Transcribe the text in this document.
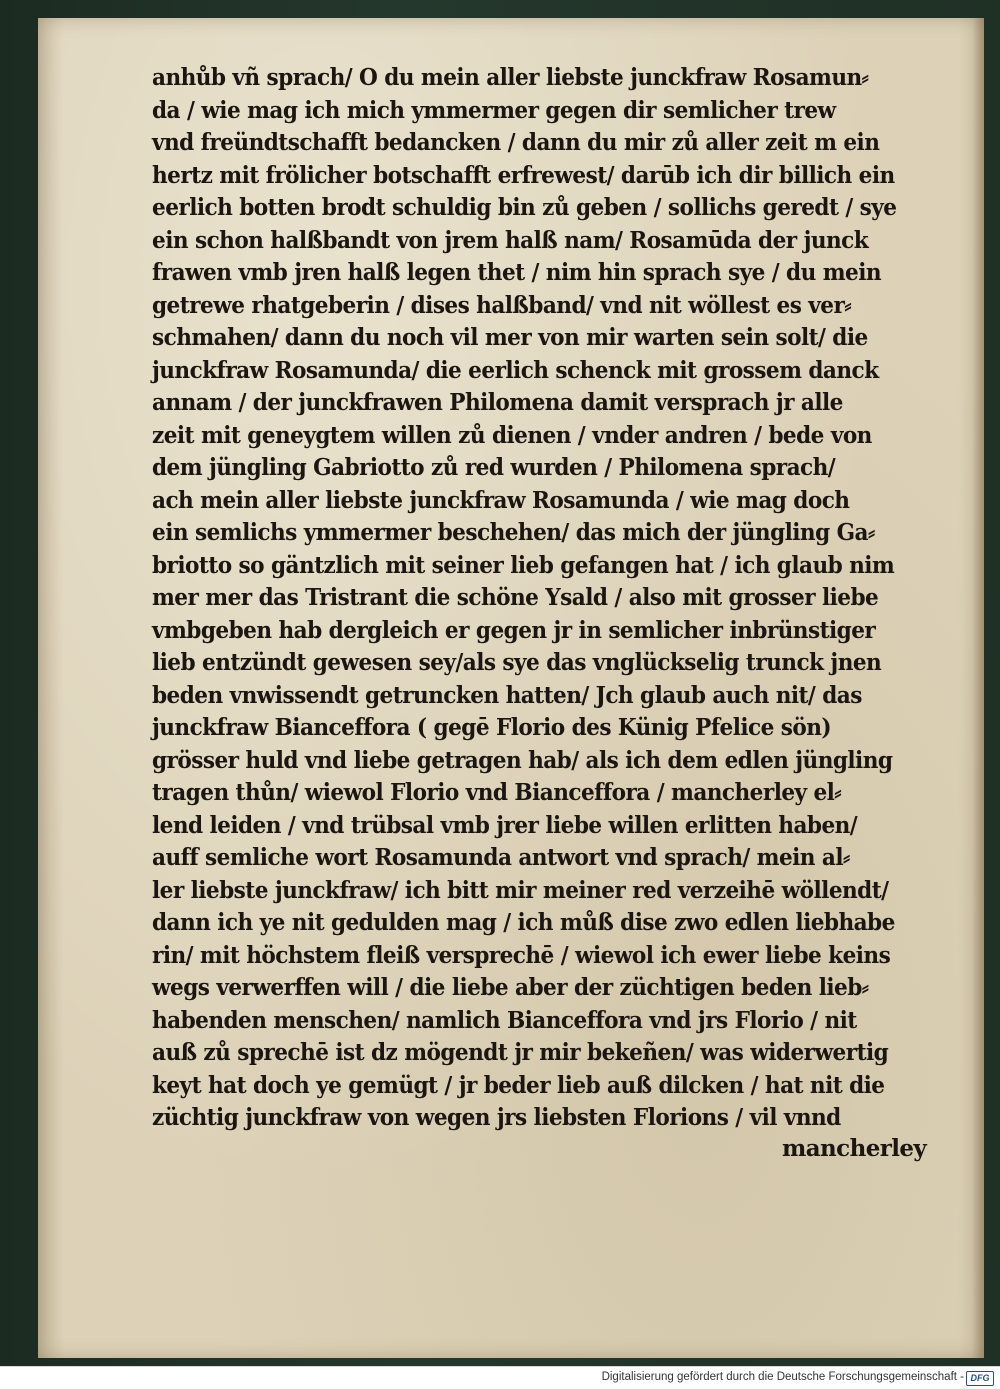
anhůb vñ sprach/ O du mein aller liebste junckfraw Rosamun⸗
da / wie mag ich mich ymmermer gegen dir semlicher trew
vnd freündtschafft bedancken / dann du mir zů aller zeit m ein
hertz mit frölicher botschafft erfrewest/ darūb ich dir billich ein
eerlich botten brodt schuldig bin zů geben / sollichs geredt / sye
ein schon halßbandt von jrem halß nam/ Rosamūda der junck
frawen vmb jren halß legen thet / nim hin sprach sye / du mein
getrewe rhatgeberin / dises halßband/ vnd nit wöllest es ver⸗
schmahen/ dann du noch vil mer von mir warten sein solt/ die
junckfraw Rosamunda/ die eerlich schenck mit grossem danck
annam / der junckfrawen Philomena damit versprach jr alle
zeit mit geneygtem willen zů dienen / vnder andren / bede von
dem jüngling Gabriotto zů red wurden / Philomena sprach/
ach mein aller liebste junckfraw Rosamunda / wie mag doch
ein semlichs ymmermer beschehen/ das mich der jüngling Ga⸗
briotto so gäntzlich mit seiner lieb gefangen hat / ich glaub nim
mer mer das Tristrant die schöne Ysald / also mit grosser liebe
vmbgeben hab dergleich er gegen jr in semlicher inbrünstiger
lieb entzündt gewesen sey/als sye das vnglückselig trunck jnen
beden vnwissendt getruncken hatten/ Jch glaub auch nit/ das
junckfraw Bianceffora ( gegē Florio des Künig Pfelice sön)
grösser huld vnd liebe getragen hab/ als ich dem edlen jüngling
tragen thůn/ wiewol Florio vnd Bianceffora / mancherley el⸗
lend leiden / vnd trübsal vmb jrer liebe willen erlitten haben/
auff semliche wort Rosamunda antwort vnd sprach/ mein al⸗
ler liebste junckfraw/ ich bitt mir meiner red verzeihē wöllendt/
dann ich ye nit gedulden mag / ich můß dise zwo edlen liebhabe
rin/ mit höchstem fleiß versprechē / wiewol ich ewer liebe keins
wegs verwerffen will / die liebe aber der züchtigen beden lieb⸗
habenden menschen/ namlich Bianceffora vnd jrs Florio / nit
auß zů sprechē ist dz mögendt jr mir bekeñen/ was widerwertig
keyt hat doch ye gemügt / jr beder lieb auß dilcken / hat nit die
züchtig junckfraw von wegen jrs liebsten Florions / vil vnnd
mancherley
Digitalisierung gefördert durch die Deutsche Forschungsgemeinschaft - DFG
